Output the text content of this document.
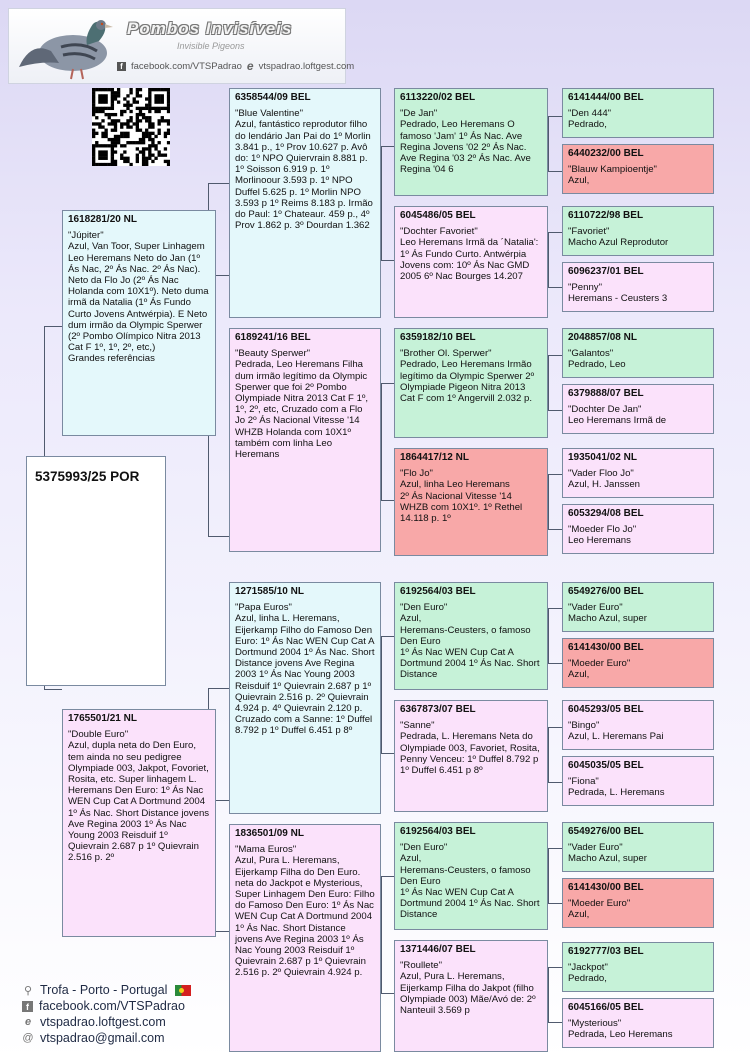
Pombos Invisíveis
Invisible Pigeons
f facebook.com/VTSPadrao e vtspadrao.loftgest.com
5375993/25 POR
1618281/20 NL
"Júpiter"
Azul, Van Toor, Super Linhagem Leo Heremans Neto do Jan (1º Ás Nac, 2º Ás Nac. 2º Ás Nac). Neto da Flo Jo (2º Ás Nac Holanda com 10X1º). Neto duma irmã da Natalia (1º Ás Fundo Curto Jovens Antwérpia). E Neto dum irmão da Olympic Sperwer (2º Pombo Olímpico Nitra 2013 Cat F 1º, 1º, 2º, etc,)
Grandes referências
1765501/21 NL
"Double Euro"
Azul, dupla neta do Den Euro, tem ainda no seu pedigree Olympiade 003, Jakpot, Fovoriet, Rosita, etc. Super linhagem L. Heremans Den Euro: 1º Ás Nac WEN Cup Cat A Dortmund 2004 1º Ás Nac. Short Distance jovens Ave Regina 2003 1º Ás Nac Young 2003 Reisduif 1º Quievrain 2.687 p 1º Quievrain 2.516 p. 2º
6358544/09 BEL
"Blue Valentine"
Azul, fantástico reprodutor filho do lendário Jan Pai do 1º Morlin 3.841 p., 1º Prov 10.627 p. Avô do: 1º NPO Quiervrain 8.881 p. 1º Soisson 6.919 p. 1º Morlinoour 3.593 p. 1º NPO Duffel 5.625 p. 1º Morlin NPO 3.593 p 1º Reims 8.183 p. Irmão do Paul: 1º Chateaur. 459 p., 4º Prov 1.862 p. 3º Dourdan 1.362
6189241/16 BEL
"Beauty Sperwer"
Pedrada, Leo Heremans Filha dum irmão legítimo da Olympic Sperwer que foi 2º Pombo Olympiade Nitra 2013 Cat F 1º, 1º, 2º, etc, Cruzado com a Flo Jo 2º Ás Nacional Vitesse '14 WHZB Holanda com 10X1º também com linha Leo Heremans
1271585/10 NL
"Papa Euros"
Azul, linha L. Heremans, Eijerkamp Filho do Famoso Den Euro: 1º Ás Nac WEN Cup Cat A Dortmund 2004 1º Ás Nac. Short Distance jovens Ave Regina 2003 1º Ás Nac Young 2003 Reisduif 1º Quievrain 2.687 p 1º Quievrain 2.516 p. 2º Quievrain 4.924 p. 4º Quievrain 2.120 p. Cruzado com a Sanne: 1º Duffel 8.792 p 1º Duffel 6.451 p 8º
1836501/09 NL
"Mama Euros"
Azul, Pura L. Heremans, Eijerkamp Filha do Den Euro. neta do Jackpot e Mysterious, Super Linhagem Den Euro: Filho do Famoso Den Euro: 1º Ás Nac WEN Cup Cat A Dortmund 2004 1º Ás Nac. Short Distance jovens Ave Regina 2003 1º Ás Nac Young 2003 Reisduif 1º Quievrain 2.687 p 1º Quievrain 2.516 p. 2º Quievrain 4.924 p.
6113220/02 BEL
"De Jan"
Pedrado, Leo Heremans O famoso 'Jam' 1º Ás Nac. Ave Regina Jovens '02 2º Ás Nac. Ave Regina '03 2º Ás Nac. Ave Regina '04 6
6045486/05 BEL
"Dochter Favoriet"
Leo Heremans Irmã da ´Natalia': 1º Ás Fundo Curto. Antwérpia Jovens com: 10º Ás Nac GMD 2005 6º Nac Bourges 14.207
6359182/10 BEL
"Brother Ol. Sperwer"
Pedrado, Leo Heremans Irmão legítimo da Olympic Sperwer 2º Olympiade Pigeon Nitra 2013 Cat F com 1º Angervill 2.032 p.
1864417/12 NL
"Flo Jo"
Azul, linha Leo Heremans
2º Ás Nacional Vitesse '14 WHZB com 10X1º. 1º Rethel 14.118 p. 1º
6192564/03 BEL
"Den Euro"
Azul,
Heremans-Ceusters, o famoso Den Euro
1º Ás Nac WEN Cup Cat A Dortmund 2004 1º Ás Nac. Short Distance
6367873/07 BEL
"Sanne"
Pedrada, L. Heremans Neta do Olympiade 003, Favoriet, Rosita, Penny Venceu: 1º Duffel 8.792 p 1º Duffel 6.451 p 8º
6192564/03 BEL
"Den Euro"
Azul,
Heremans-Ceusters, o famoso Den Euro
1º Ás Nac WEN Cup Cat A Dortmund 2004 1º Ás Nac. Short Distance
1371446/07 BEL
"Roullete"
Azul, Pura L. Heremans, Eijerkamp Filha do Jakpot (filho Olympiade 003) Mãe/Avó de: 2º Nanteuil 3.569 p
6141444/00 BEL
"Den 444"
Pedrado,
6440232/00 BEL
"Blauw Kampioentje"
Azul,
6110722/98 BEL
"Favoriet"
Macho Azul Reprodutor
6096237/01 BEL
"Penny"
Heremans - Ceusters 3
2048857/08 NL
"Galantos"
Pedrado, Leo
6379888/07 BEL
"Dochter De Jan"
Leo Heremans Irmã de
1935041/02 NL
"Vader Floo Jo"
Azul, H. Janssen
6053294/08 BEL
"Moeder Flo Jo"
Leo Heremans
6549276/00 BEL
"Vader Euro"
Macho Azul, super
6141430/00 BEL
"Moeder Euro"
Azul,
6045293/05 BEL
"Bingo"
Azul, L. Heremans Pai
6045035/05 BEL
"Fiona"
Pedrada, L. Heremans
6549276/00 BEL
"Vader Euro"
Macho Azul, super
6141430/00 BEL
"Moeder Euro"
Azul,
6192777/03 BEL
"Jackpot"
Pedrado,
6045166/05 BEL
"Mysterious"
Pedrada, Leo Heremans
⚲ Trofa - Porto - Portugal
f facebook.com/VTSPadrao
e vtspadrao.loftgest.com
@ vtspadrao@gmail.com
